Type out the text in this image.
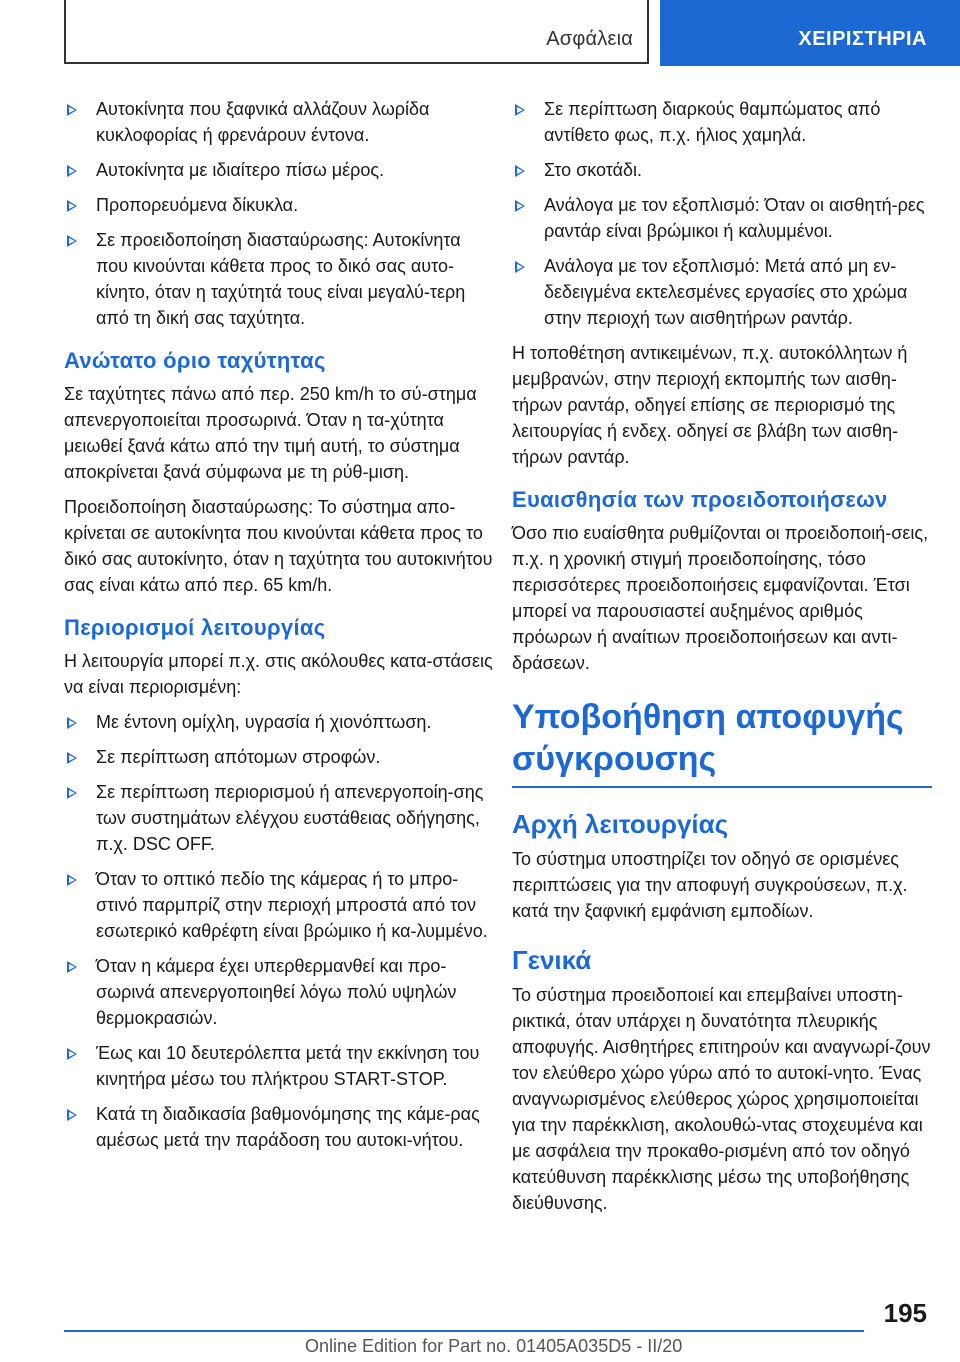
Ασφάλεια	ΧΕΙΡΙΣΤΗΡΙΑ
Αυτοκίνητα που ξαφνικά αλλάζουν λωρίδα κυκλοφορίας ή φρενάρουν έντονα.
Αυτοκίνητα με ιδιαίτερο πίσω μέρος.
Προπορευόμενα δίκυκλα.
Σε προειδοποίηση διασταύρωσης: Αυτοκίνητα που κινούνται κάθετα προς το δικό σας αυτο-κίνητο, όταν η ταχύτητά τους είναι μεγαλύ-τερη από τη δική σας ταχύτητα.
Ανώτατο όριο ταχύτητας

Σε ταχύτητες πάνω από περ. 250 km/h το σύ-στημα απενεργοποιείται προσωρινά. Όταν η τα-χύτητα μειωθεί ξανά κάτω από την τιμή αυτή, το σύστημα αποκρίνεται ξανά σύμφωνα με τη ρύθ-μιση.

Προειδοποίηση διασταύρωσης: Το σύστημα απο-κρίνεται σε αυτοκίνητα που κινούνται κάθετα προς το δικό σας αυτοκίνητο, όταν η ταχύτητα του αυτοκινήτου σας είναι κάτω από περ. 65 km/h.

Περιορισμοί λειτουργίας

Η λειτουργία μπορεί π.χ. στις ακόλουθες κατα-στάσεις να είναι περιορισμένη:

Με έντονη ομίχλη, υγρασία ή χιονόπτωση.
Σε περίπτωση απότομων στροφών.
Σε περίπτωση περιορισμού ή απενεργοποίη-σης των συστημάτων ελέγχου ευστάθειας οδήγησης, π.χ. DSC OFF.
Όταν το οπτικό πεδίο της κάμερας ή το μπρο-στινό παρμπρίζ στην περιοχή μπροστά από τον εσωτερικό καθρέφτη είναι βρώμικο ή κα-λυμμένο.
Όταν η κάμερα έχει υπερθερμανθεί και προ-σωρινά απενεργοποιηθεί λόγω πολύ υψηλών θερμοκρασιών.
Έως και 10 δευτερόλεπτα μετά την εκκίνηση του κινητήρα μέσω του πλήκτρου START-STOP.
Κατά τη διαδικασία βαθμονόμησης της κάμε-ρας αμέσως μετά την παράδοση του αυτοκι-νήτου.
Σε περίπτωση διαρκούς θαμπώματος από αντίθετο φως, π.χ. ήλιος χαμηλά.
Στο σκοτάδι.
Ανάλογα με τον εξοπλισμό: Όταν οι αισθητή-ρες ραντάρ είναι βρώμικοι ή καλυμμένοι.
Ανάλογα με τον εξοπλισμό: Μετά από μη εν-δεδειγμένα εκτελεσμένες εργασίες στο χρώμα στην περιοχή των αισθητήρων ραντάρ.

Η τοποθέτηση αντικειμένων, π.χ. αυτοκόλλητων ή μεμβρανών, στην περιοχή εκπομπής των αισθη-τήρων ραντάρ, οδηγεί επίσης σε περιορισμό της λειτουργίας ή ενδεχ. οδηγεί σε βλάβη των αισθη-τήρων ραντάρ.

Ευαισθησία των προειδοποιήσεων

Όσο πιο ευαίσθητα ρυθμίζονται οι προειδοποιή-σεις, π.χ. η χρονική στιγμή προειδοποίησης, τόσο περισσότερες προειδοποιήσεις εμφανίζονται. Έτσι μπορεί να παρουσιαστεί αυξημένος αριθμός πρόωρων ή αναίτιων προειδοποιήσεων και αντι-δράσεων.

Υποβοήθηση αποφυγής σύγκρουσης
Αρχή λειτουργίας

Το σύστημα υποστηρίζει τον οδηγό σε ορισμένες περιπτώσεις για την αποφυγή συγκρούσεων, π.χ. κατά την ξαφνική εμφάνιση εμποδίων.

Γενικά

Το σύστημα προειδοποιεί και επεμβαίνει υποστη-ρικτικά, όταν υπάρχει η δυνατότητα πλευρικής αποφυγής. Αισθητήρες επιτηρούν και αναγνωρί-ζουν τον ελεύθερο χώρο γύρω από το αυτοκί-νητο. Ένας αναγνωρισμένος ελεύθερος χώρος χρησιμοποιείται για την παρέκκλιση, ακολουθώ-ντας στοχευμένα και με ασφάλεια την προκαθο-ρισμένη από τον οδηγό κατεύθυνση παρέκκλισης μέσω της υποβοήθησης διεύθυνσης.

195
Online Edition for Part no. 01405A035D5 - II/20
